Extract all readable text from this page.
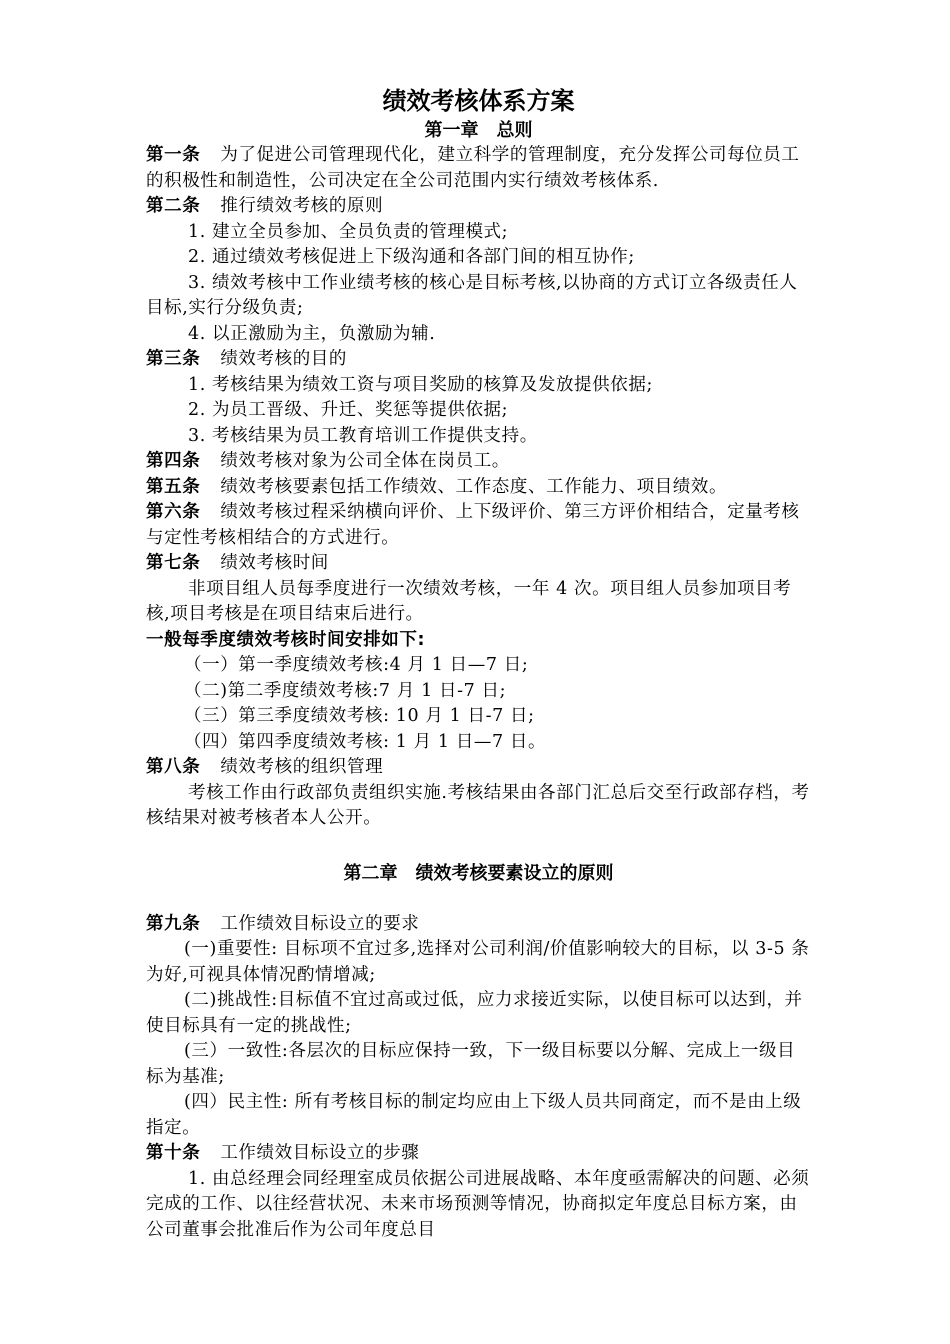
绩效考核体系方案
第一章　总则

第一条 为了促进公司管理现代化，建立科学的管理制度，充分发挥公司每位员工的积极性和制造性，公司决定在全公司范围内实行绩效考核体系.

第二条 推行绩效考核的原则

1. 建立全员参加、全员负责的管理模式;

2. 通过绩效考核促进上下级沟通和各部门间的相互协作;

3. 绩效考核中工作业绩考核的核心是目标考核,以协商的方式订立各级责任人目标,实行分级负责;

4. 以正激励为主，负激励为辅.

第三条 绩效考核的目的

1. 考核结果为绩效工资与项目奖励的核算及发放提供依据;

2. 为员工晋级、升迁、奖惩等提供依据;

3. 考核结果为员工教育培训工作提供支持。

第四条 绩效考核对象为公司全体在岗员工。

第五条 绩效考核要素包括工作绩效、工作态度、工作能力、项目绩效。

第六条 绩效考核过程采纳横向评价、上下级评价、第三方评价相结合，定量考核与定性考核相结合的方式进行。

第七条 绩效考核时间

非项目组人员每季度进行一次绩效考核，一年 4 次。项目组人员参加项目考核,项目考核是在项目结束后进行。

一般每季度绩效考核时间安排如下:

（一）第一季度绩效考核:4 月 1 日—7 日;

（二)第二季度绩效考核:7 月 1 日-7 日;

（三）第三季度绩效考核: 10 月 1 日-7 日;

（四）第四季度绩效考核: 1 月 1 日—7 日。

第八条 绩效考核的组织管理

考核工作由行政部负责组织实施.考核结果由各部门汇总后交至行政部存档，考核结果对被考核者本人公开。

第二章　绩效考核要素设立的原则

第九条 工作绩效目标设立的要求

(一)重要性: 目标项不宜过多,选择对公司利润/价值影响较大的目标，以 3-5 条为好,可视具体情况酌情增减;

(二)挑战性:目标值不宜过高或过低，应力求接近实际，以使目标可以达到，并使目标具有一定的挑战性;

(三）一致性:各层次的目标应保持一致，下一级目标要以分解、完成上一级目标为基准;

(四）民主性: 所有考核目标的制定均应由上下级人员共同商定，而不是由上级指定。

第十条 工作绩效目标设立的步骤

1. 由总经理会同经理室成员依据公司进展战略、本年度亟需解决的问题、必须完成的工作、以往经营状况、未来市场预测等情况，协商拟定年度总目标方案，由公司董事会批准后作为公司年度总目
